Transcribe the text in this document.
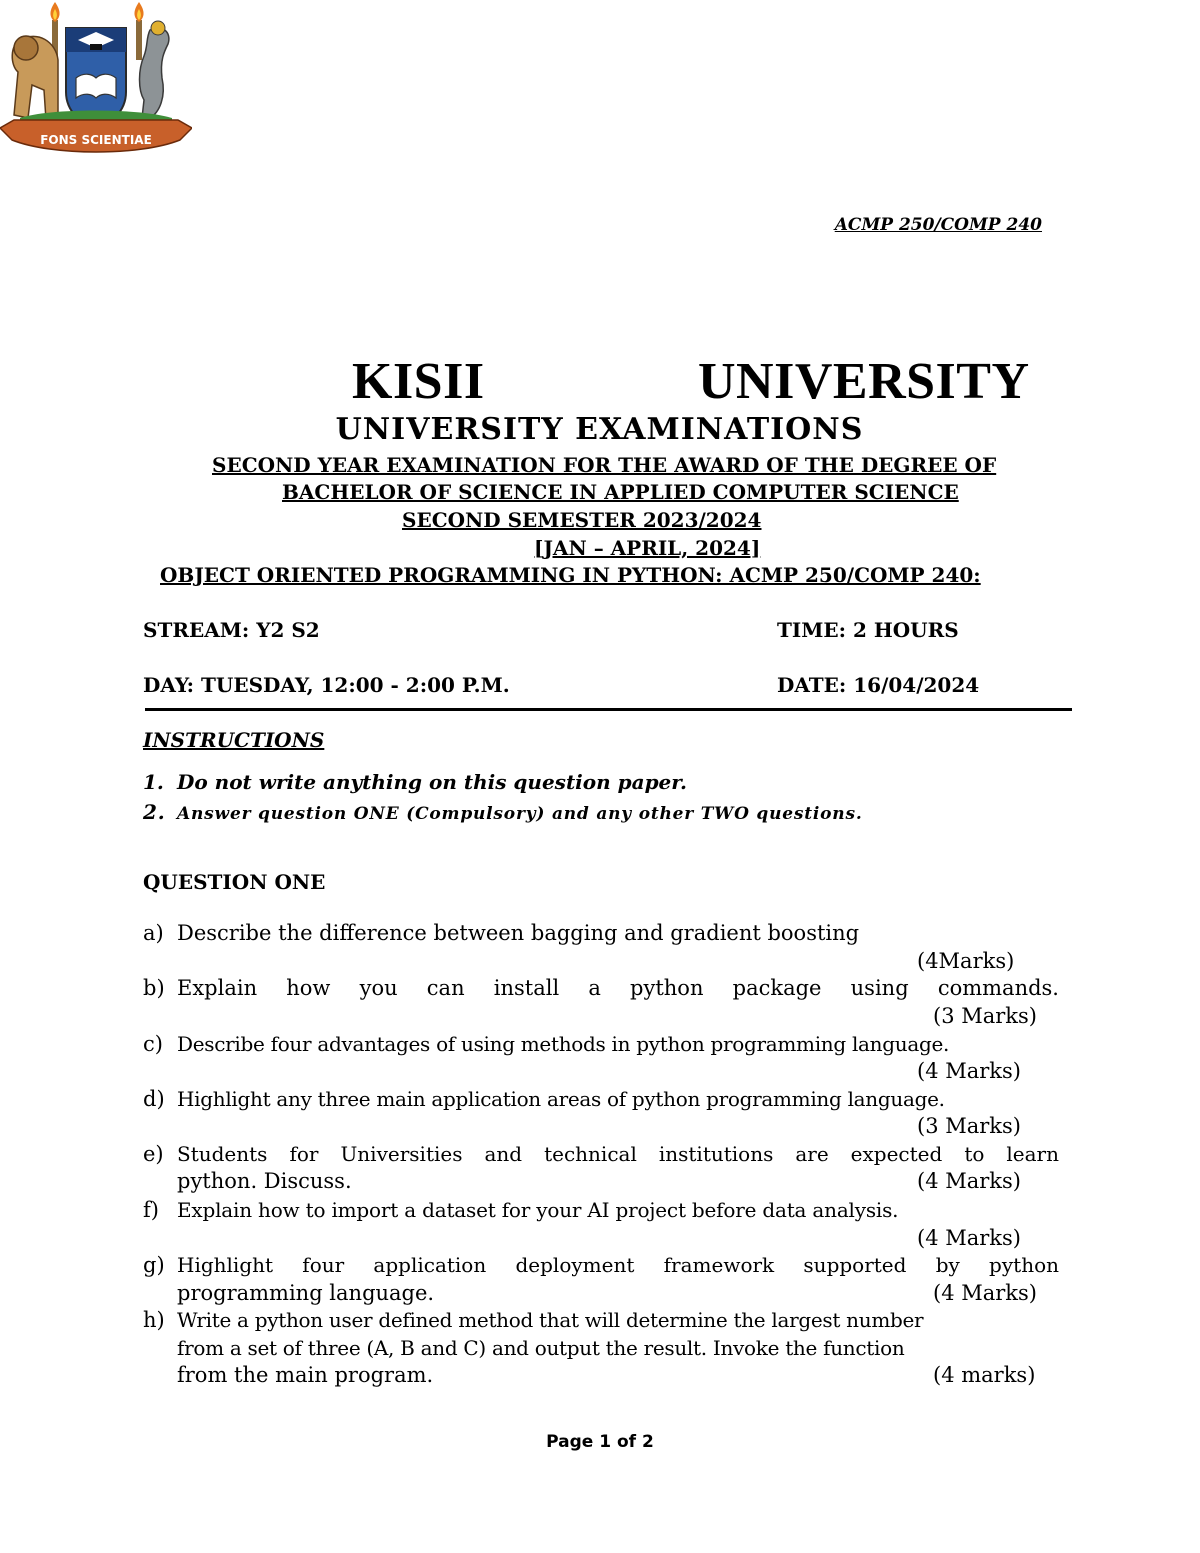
ACMP 250/COMP 240
FONS SCIENTIAE
KISII	UNIVERSITY
UNIVERSITY EXAMINATIONS
SECOND YEAR EXAMINATION FOR THE AWARD OF THE DEGREE OF
BACHELOR OF SCIENCE IN APPLIED COMPUTER SCIENCE
SECOND SEMESTER 2023/2024
[JAN – APRIL, 2024]
OBJECT ORIENTED PROGRAMMING IN PYTHON: ACMP 250/COMP 240:
STREAM: Y2 S2	TIME: 2 HOURS
DAY: TUESDAY, 12:00 - 2:00 P.M.	DATE: 16/04/2024
INSTRUCTIONS
1. Do not write anything on this question paper.
2. Answer question ONE (Compulsory) and any other TWO questions.
QUESTION ONE
a) Describe the difference between bagging and gradient boosting
(4Marks)
b) Explain how you can install a python package using commands.
(3 Marks)
c) Describe four advantages of using methods in python programming language.
(4 Marks)
d) Highlight any three main application areas of python programming language.
(3 Marks)
e) Students for Universities and technical institutions are expected to learn
python. Discuss.	(4 Marks)
f) Explain how to import a dataset for your AI project before data analysis.
(4 Marks)
g) Highlight four application deployment framework supported by python
programming language.	(4 Marks)
h) Write a python user defined method that will determine the largest number
from a set of three (A, B and C) and output the result. Invoke the function
from the main program.	(4 marks)
Page 1 of 2
